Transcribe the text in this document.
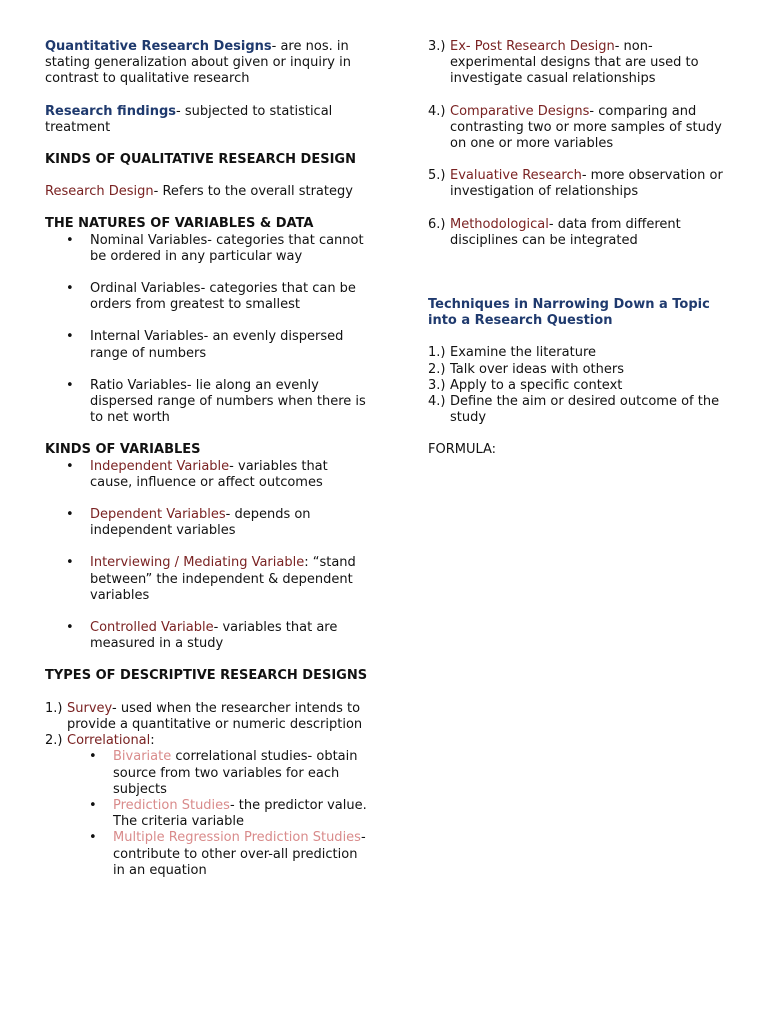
Quantitative Research Designs- are nos. in stating generalization about given or inquiry in contrast to qualitative research

Research findings- subjected to statistical treatment

KINDS OF QUALITATIVE RESEARCH DESIGN

Research Design- Refers to the overall strategy

THE NATURES OF VARIABLES & DATA

• Nominal Variables- categories that cannot be ordered in any particular way
• Ordinal Variables- categories that can be orders from greatest to smallest
• Internal Variables- an evenly dispersed range of numbers
• Ratio Variables- lie along an evenly dispersed range of numbers when there is to net worth

KINDS OF VARIABLES

• Independent Variable- variables that cause, influence or affect outcomes
• Dependent Variables- depends on independent variables
• Interviewing / Mediating Variable: “stand between” the independent & dependent variables
• Controlled Variable- variables that are measured in a study

TYPES OF DESCRIPTIVE RESEARCH DESIGNS

1.) Survey- used when the researcher intends to provide a quantitative or numeric description
2.) Correlational:
• Bivariate correlational studies- obtain source from two variables for each subjects
• Prediction Studies- the predictor value. The criteria variable
• Multiple Regression Prediction Studies- contribute to other over-all prediction in an equation
3.) Ex- Post Research Design- non-experimental designs that are used to investigate casual relationships
4.) Comparative Designs- comparing and contrasting two or more samples of study on one or more variables
5.) Evaluative Research- more observation or investigation of relationships
6.) Methodological- data from different disciplines can be integrated

Techniques in Narrowing Down a Topic into a Research Question

1.) Examine the literature
2.) Talk over ideas with others
3.) Apply to a specific context
4.) Define the aim or desired outcome of the study

FORMULA:
